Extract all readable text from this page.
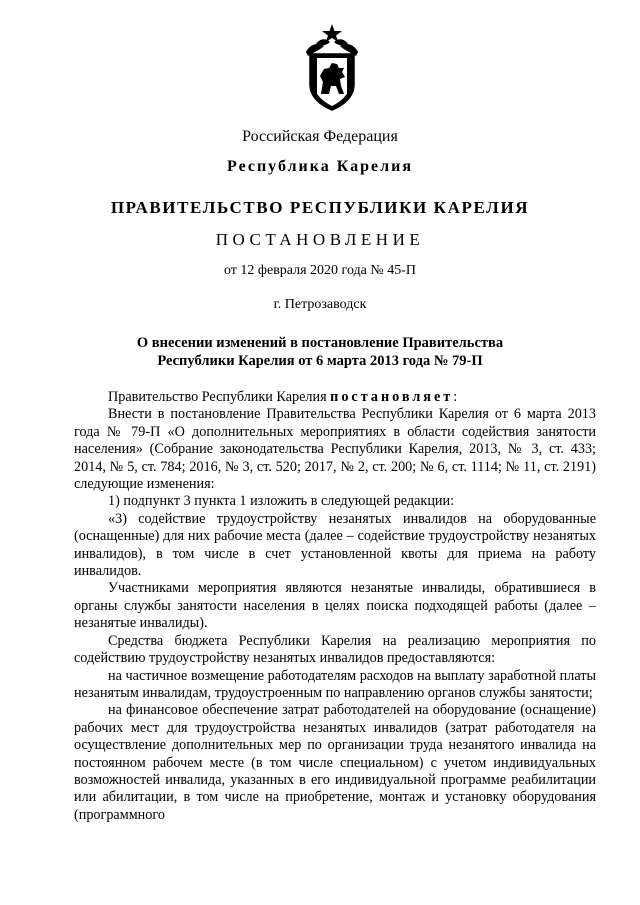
Российская Федерация
Республика Карелия
ПРАВИТЕЛЬСТВО РЕСПУБЛИКИ КАРЕЛИЯ
ПОСТАНОВЛЕНИЕ
от 12 февраля 2020 года № 45-П
г. Петрозаводск
О внесении изменений в постановление Правительства
Республики Карелия от 6 марта 2013 года № 79-П

Правительство Республики Карелия постановляет:

Внести в постановление Правительства Республики Карелия от 6 марта 2013 года № 79-П «О дополнительных мероприятиях в области содействия занятости населения» (Собрание законодательства Республики Карелия, 2013, № 3, ст. 433; 2014, № 5, ст. 784; 2016, № 3, ст. 520; 2017, № 2, ст. 200; № 6, ст. 1114; № 11, ст. 2191) следующие изменения:

1) подпункт 3 пункта 1 изложить в следующей редакции:

«3) содействие трудоустройству незанятых инвалидов на оборудованные (оснащенные) для них рабочие места (далее – содействие трудоустройству незанятых инвалидов), в том числе в счет установленной квоты для приема на работу инвалидов.

Участниками мероприятия являются незанятые инвалиды, обратившиеся в органы службы занятости населения в целях поиска подходящей работы (далее – незанятые инвалиды).

Средства бюджета Республики Карелия на реализацию мероприятия по содействию трудоустройству незанятых инвалидов предоставляются:

на частичное возмещение работодателям расходов на выплату заработной платы незанятым инвалидам, трудоустроенным по направлению органов службы занятости;

на финансовое обеспечение затрат работодателей на оборудование (оснащение) рабочих мест для трудоустройства незанятых инвалидов (затрат работодателя на осуществление дополнительных мер по организации труда незанятого инвалида на постоянном рабочем месте (в том числе специальном) с учетом индивидуальных возможностей инвалида, указанных в его индивидуальной программе реабилитации или абилитации, в том числе на приобретение, монтаж и установку оборудования (программного
